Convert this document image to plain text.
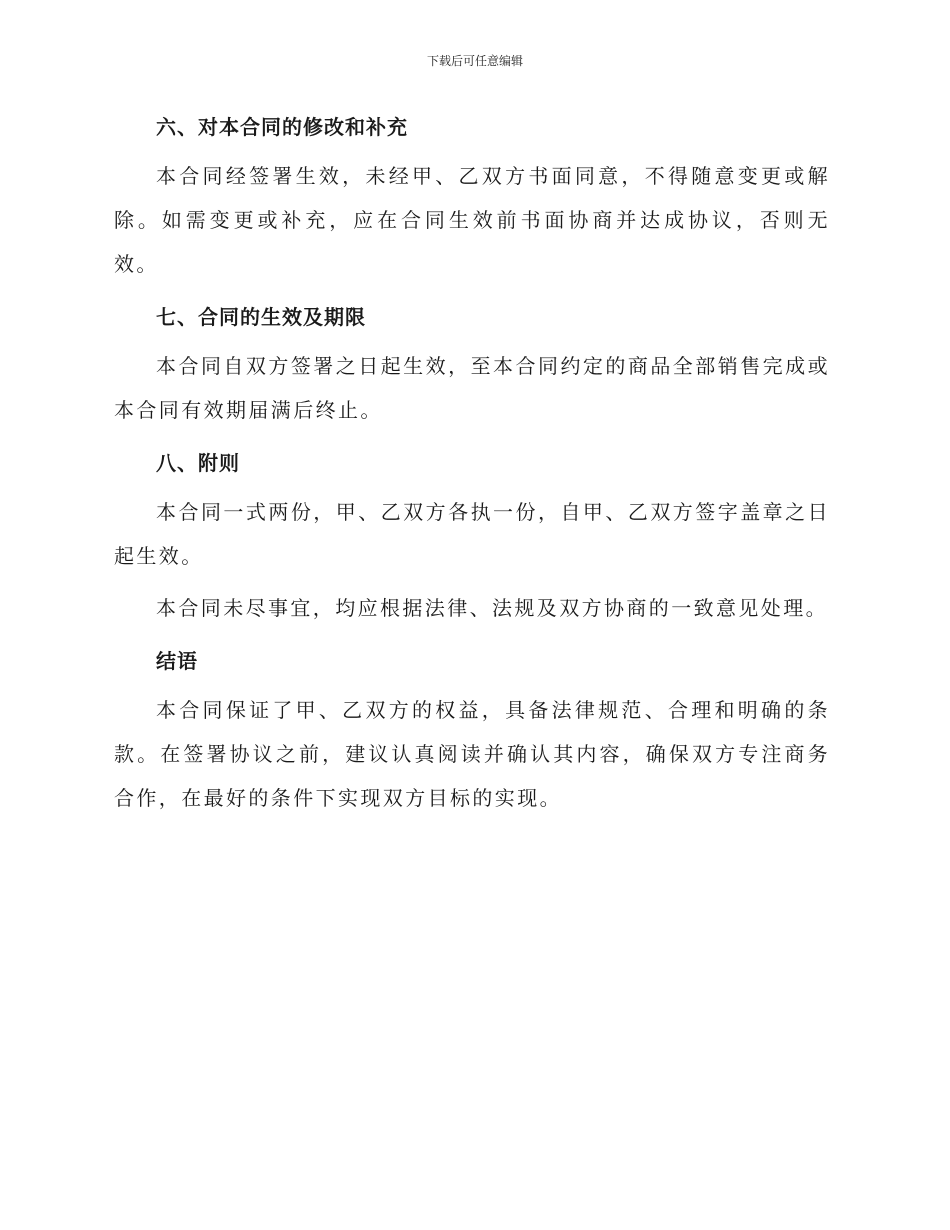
下载后可任意编辑
六、对本合同的修改和补充

本合同经签署生效，未经甲、乙双方书面同意，不得随意变更或解除。如需变更或补充，应在合同生效前书面协商并达成协议，否则无效。

七、合同的生效及期限

本合同自双方签署之日起生效，至本合同约定的商品全部销售完成或本合同有效期届满后终止。

八、附则

本合同一式两份，甲、乙双方各执一份，自甲、乙双方签字盖章之日起生效。

本合同未尽事宜，均应根据法律、法规及双方协商的一致意见处理。

结语

本合同保证了甲、乙双方的权益，具备法律规范、合理和明确的条款。在签署协议之前，建议认真阅读并确认其内容，确保双方专注商务合作，在最好的条件下实现双方目标的实现。
